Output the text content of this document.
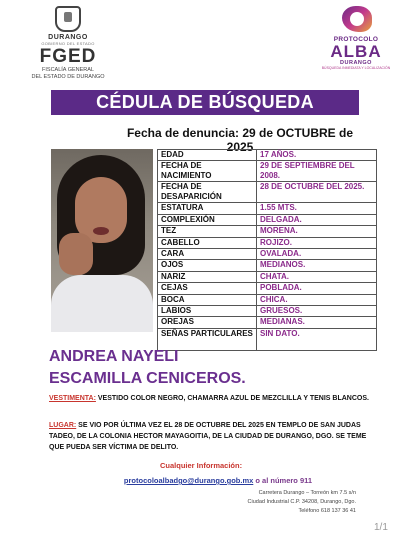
DURANGO
GOBIERNO DEL ESTADO
FGED
FISCALÍA GENERAL
DEL ESTADO DE DURANGO
PROTOCOLO
ALBA
DURANGO
BÚSQUEDA INMEDIATA Y LOCALIZACIÓN
CÉDULA DE BÚSQUEDA
Fecha de denuncia: 29 de OCTUBRE de 2025
EDAD	17 AÑOS.
FECHA DE NACIMIENTO	29 DE SEPTIEMBRE DEL 2008.
FECHA DE DESAPARICIÓN	28 DE OCTUBRE DEL 2025.
ESTATURA	1.55 MTS.
COMPLEXIÓN	DELGADA.
TEZ	MORENA.
CABELLO	ROJIZO.
CARA	OVALADA.
OJOS	MEDIANOS.
NARIZ	CHATA.
CEJAS	POBLADA.
BOCA	CHICA.
LABIOS	GRUESOS.
OREJAS	MEDIANAS.
SEÑAS PARTICULARES	SIN DATO.
ANDREA NAYELI
ESCAMILLA CENICEROS.
VESTIMENTA: VESTIDO COLOR NEGRO, CHAMARRA AZUL DE MEZCLILLA Y TENIS BLANCOS.
LUGAR: SE VIO POR ÚLTIMA VEZ EL 28 DE OCTUBRE DEL 2025 EN TEMPLO DE SAN JUDAS TADEO, DE LA COLONIA HECTOR MAYAGOITIA, DE LA CIUDAD DE DURANGO, DGO. SE TEME QUE PUEDA SER VÍCTIMA DE DELITO.
Cualquier Información:
protocoloalbadgo@durango.gob.mx o al número 911
Carretera Durango – Torreón km 7.5 s/n
Ciudad Industrial C.P. 34208, Durango, Dgo.
Teléfono 618 137 36 41
1/1
